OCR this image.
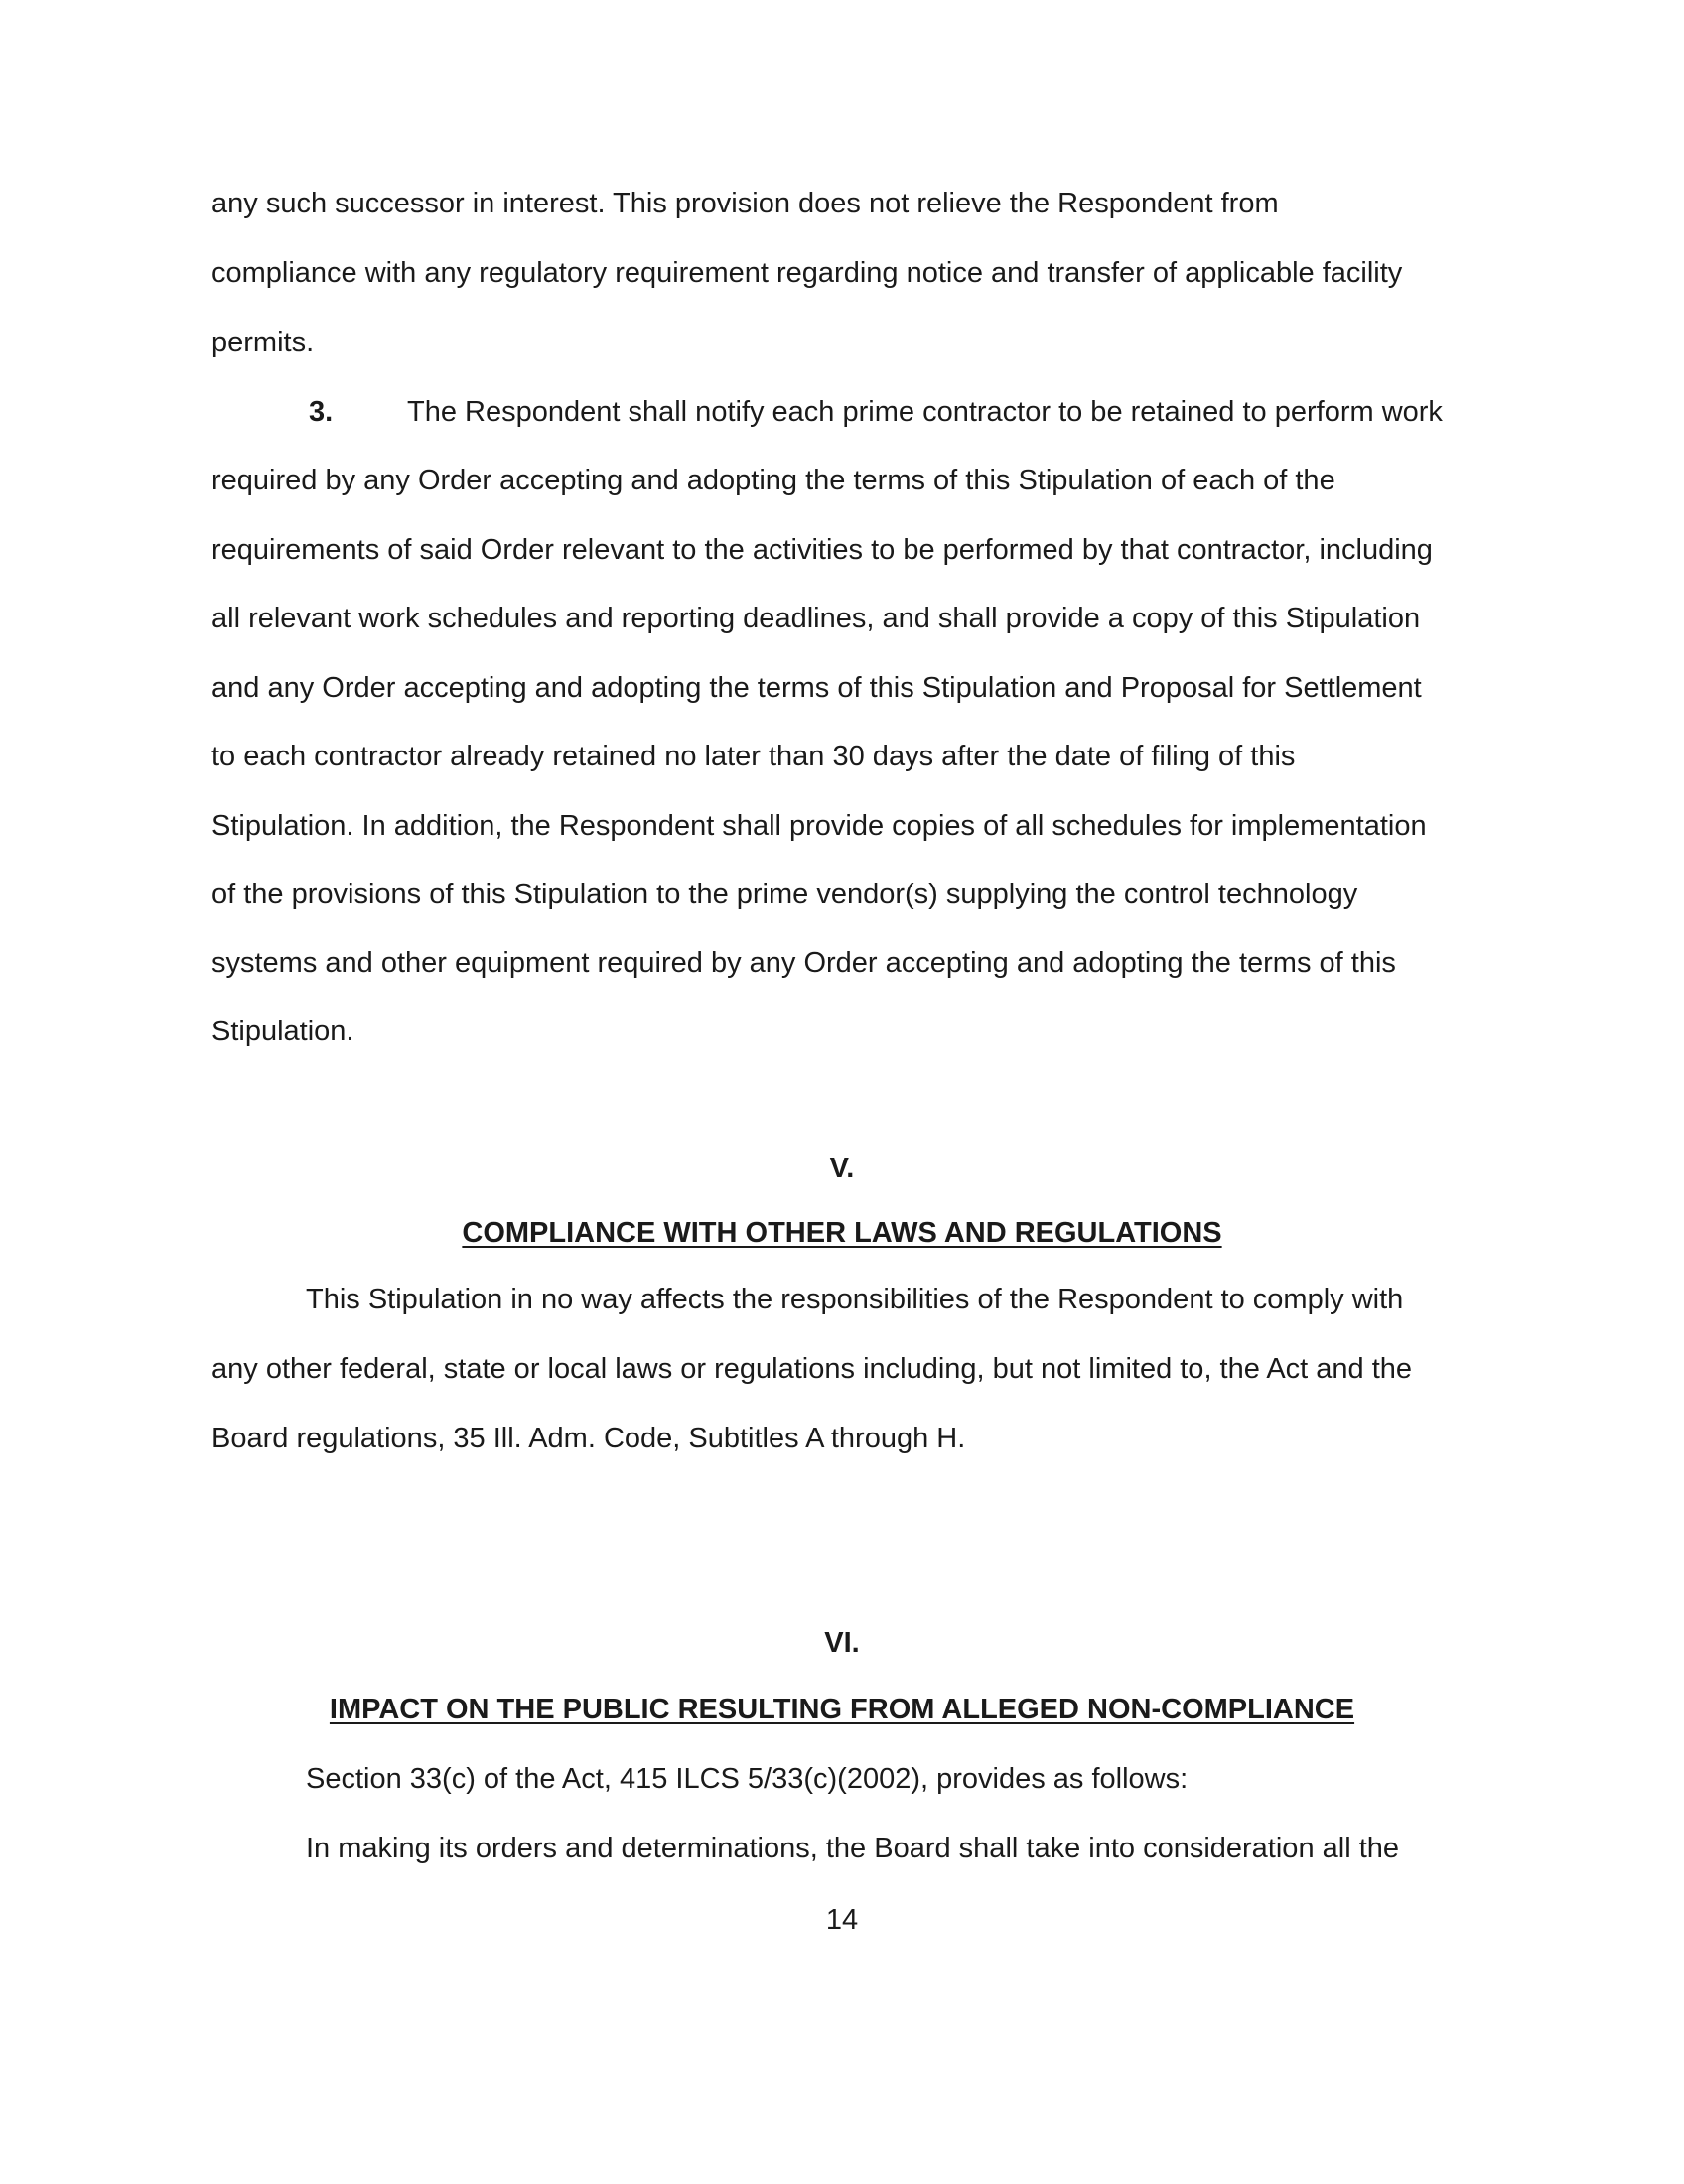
any such successor in interest. This provision does not relieve the Respondent from
compliance with any regulatory requirement regarding notice and transfer of applicable facility
permits.
3.	The Respondent shall notify each prime contractor to be retained to perform work
required by any Order accepting and adopting the terms of this Stipulation of each of the
requirements of said Order relevant to the activities to be performed by that contractor, including
all relevant work schedules and reporting deadlines, and shall provide a copy of this Stipulation
and any Order accepting and adopting the terms of this Stipulation and Proposal for Settlement
to each contractor already retained no later than 30 days after the date of filing of this
Stipulation. In addition, the Respondent shall provide copies of all schedules for implementation
of the provisions of this Stipulation to the prime vendor(s) supplying the control technology
systems and other equipment required by any Order accepting and adopting the terms of this
Stipulation.
V.
COMPLIANCE WITH OTHER LAWS AND REGULATIONS
This Stipulation in no way affects the responsibilities of the Respondent to comply with
any other federal, state or local laws or regulations including, but not limited to, the Act and the
Board regulations, 35 Ill. Adm. Code, Subtitles A through H.
VI.
IMPACT ON THE PUBLIC RESULTING FROM ALLEGED NON-COMPLIANCE
Section 33(c) of the Act, 415 ILCS 5/33(c)(2002), provides as follows:
In making its orders and determinations, the Board shall take into consideration all the
14
